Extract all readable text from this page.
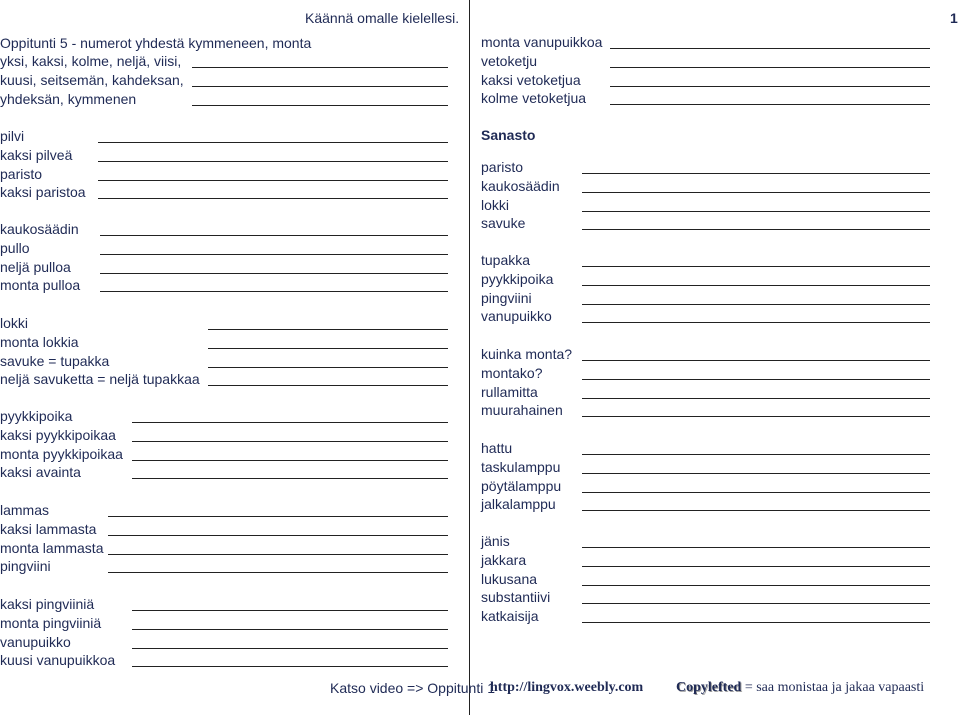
Käännä omalle kielellesi.	1
Oppitunti 5 - numerot yhdestä kymmeneen, monta
yksi, kaksi, kolme, neljä, viisi,
kuusi, seitsemän, kahdeksan,
yhdeksän, kymmenen
pilvi
kaksi pilveä
paristo
kaksi paristoa
kaukosäädin
pullo
neljä pulloa
monta pulloa
lokki
monta lokkia
savuke = tupakka
neljä savuketta = neljä tupakkaa
pyykkipoika
kaksi pyykkipoikaa
monta pyykkipoikaa
kaksi avainta
lammas
kaksi lammasta
monta lammasta
pingviini
kaksi pingviiniä
monta pingviiniä
vanupuikko
kuusi vanupuikkoa
monta vanupuikkoa
vetoketju
kaksi vetoketjua
kolme vetoketjua
Sanasto
paristo
kaukosäädin
lokki
savuke
tupakka
pyykkipoika
pingviini
vanupuikko
kuinka monta?
montako?
rullamitta
muurahainen
hattu
taskulamppu
pöytälamppu
jalkalamppu
jänis
jakkara
lukusana
substantiivi
katkaisija
Katso video => Oppitunti 1
http://lingvox.weebly.com Copylefted = saa monistaa ja jakaa vapaasti
